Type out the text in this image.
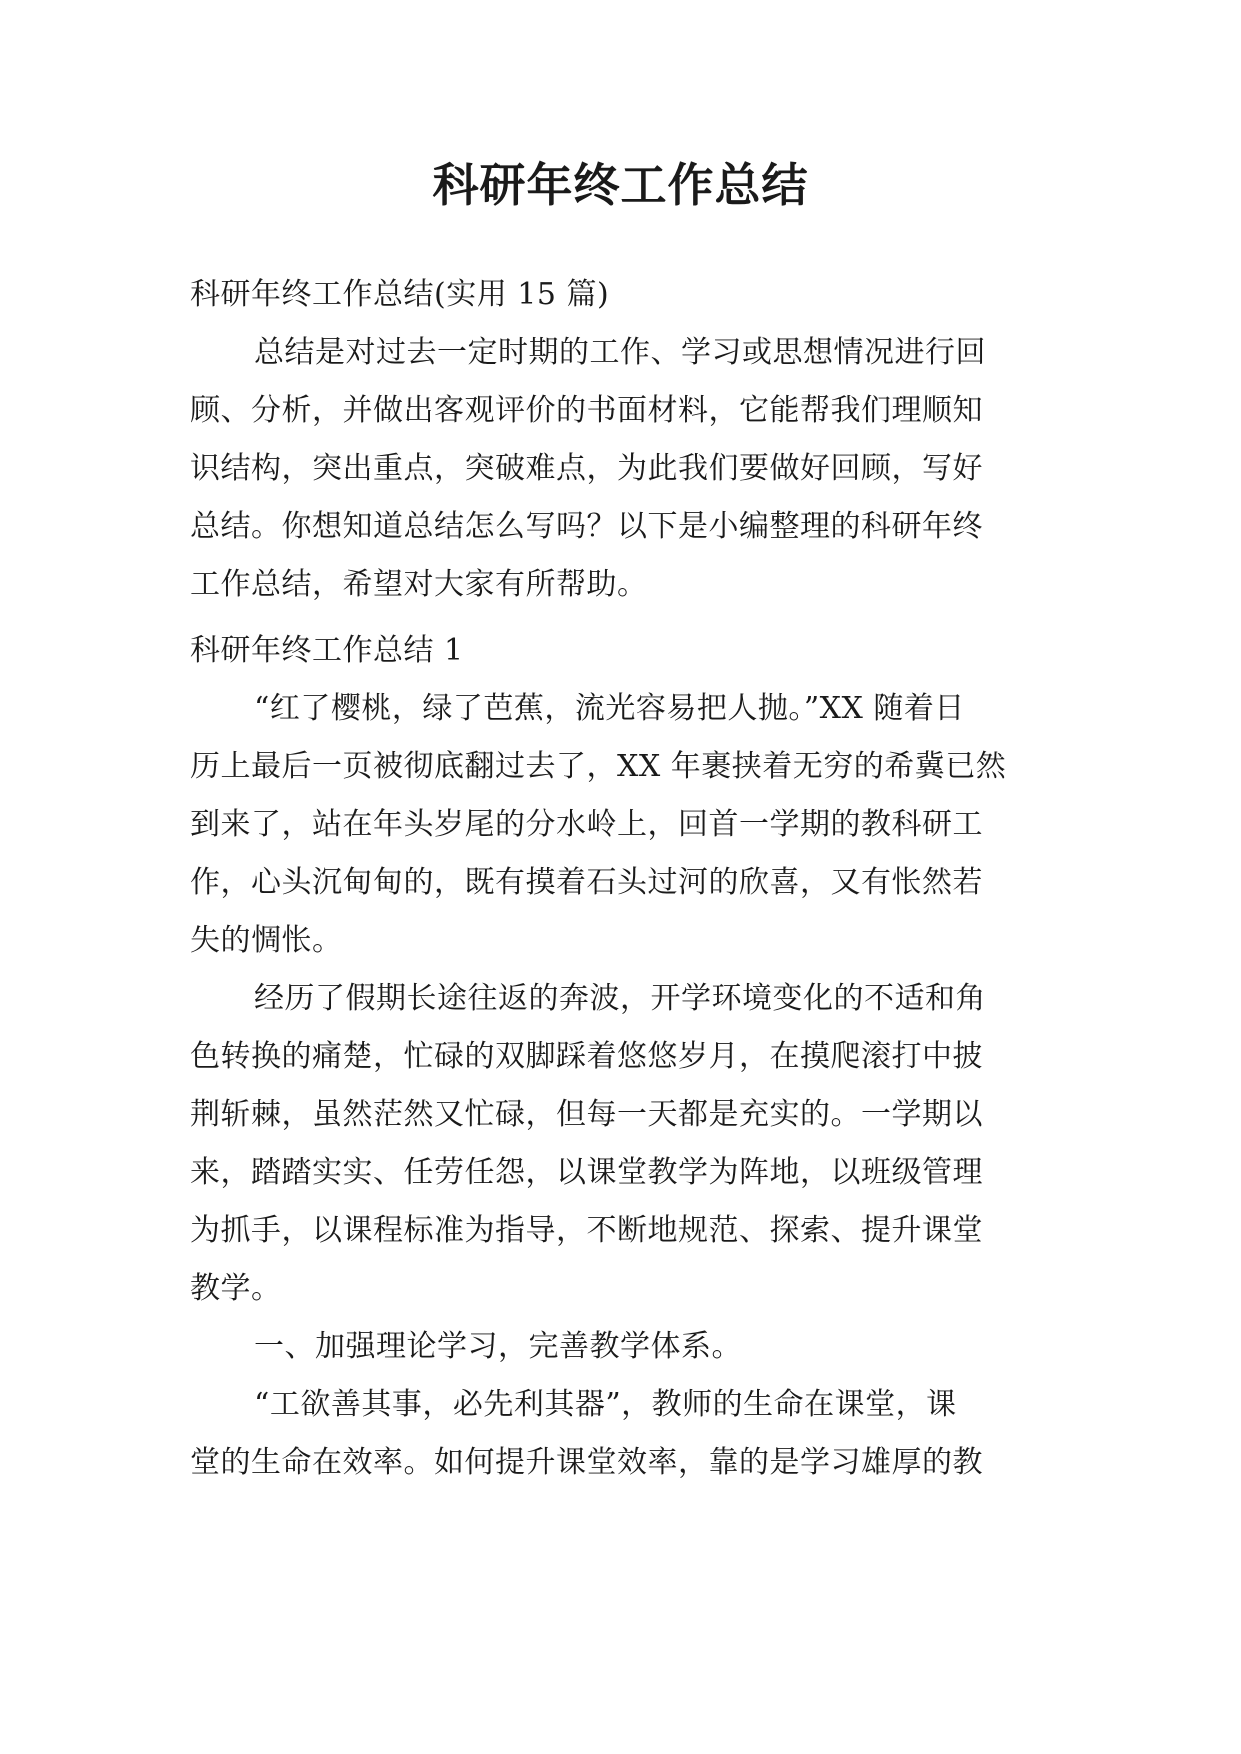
科研年终工作总结
科研年终工作总结(实用 15 篇)
总结是对过去一定时期的工作、学习或思想情况进行回
顾、分析，并做出客观评价的书面材料，它能帮我们理顺知
识结构，突出重点，突破难点，为此我们要做好回顾，写好
总结。你想知道总结怎么写吗？以下是小编整理的科研年终
工作总结，希望对大家有所帮助。
科研年终工作总结 1
“红了樱桃，绿了芭蕉，流光容易把人抛。”XX 随着日
历上最后一页被彻底翻过去了，XX 年裹挟着无穷的希冀已然
到来了，站在年头岁尾的分水岭上，回首一学期的教科研工
作，心头沉甸甸的，既有摸着石头过河的欣喜，又有怅然若
失的惆怅。
经历了假期长途往返的奔波，开学环境变化的不适和角
色转换的痛楚，忙碌的双脚踩着悠悠岁月，在摸爬滚打中披
荆斩棘，虽然茫然又忙碌，但每一天都是充实的。一学期以
来，踏踏实实、任劳任怨，以课堂教学为阵地，以班级管理
为抓手，以课程标准为指导，不断地规范、探索、提升课堂
教学。
一、加强理论学习，完善教学体系。
“工欲善其事，必先利其器”，教师的生命在课堂，课
堂的生命在效率。如何提升课堂效率，靠的是学习雄厚的教
